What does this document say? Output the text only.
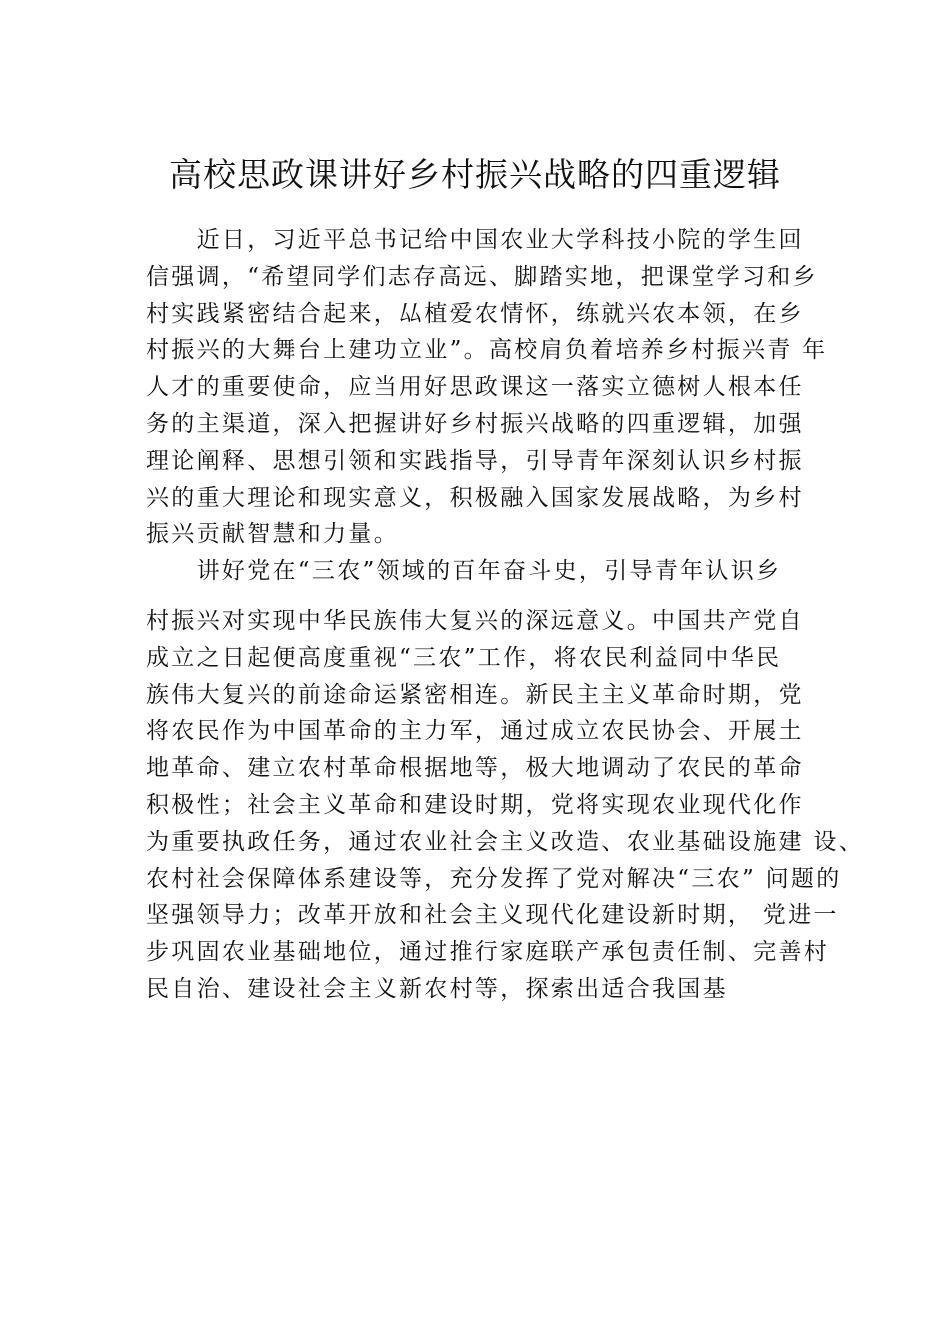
高校思政课讲好乡村振兴战略的四重逻辑
　　近日，习近平总书记给中国农业大学科技小院的学生回
信强调，“希望同学们志存高远、脚踏实地，把课堂学习和乡
村实践紧密结合起来，厸植爱农情怀，练就兴农本领，在乡
村振兴的大舞台上建功立业”。高校肩负着培养乡村振兴青 年
人才的重要使命，应当用好思政课这一落实立德树人根本任
务的主渠道，深入把握讲好乡村振兴战略的四重逻辑，加强
理论阐释、思想引领和实践指导，引导青年深刻认识乡村振
兴的重大理论和现实意义，积极融入国家发展战略，为乡村
振兴贡献智慧和力量。
　　讲好党在“三农”领域的百年奋斗史，引导青年认识乡
村振兴对实现中华民族伟大复兴的深远意义。中国共产党自
成立之日起便高度重视“三农”工作，将农民利益同中华民
族伟大复兴的前途命运紧密相连。新民主主义革命时期，党
将农民作为中国革命的主力军，通过成立农民协会、开展土
地革命、建立农村革命根据地等，极大地调动了农民的革命
积极性；社会主义革命和建设时期，党将实现农业现代化作
为重要执政任务，通过农业社会主义改造、农业基础设施建 设、
农村社会保障体系建设等，充分发挥了党对解决“三农” 问题的
坚强领导力；改革开放和社会主义现代化建设新时期， 党进一
步巩固农业基础地位，通过推行家庭联产承包责任制、完善村
民自治、建设社会主义新农村等，探索出适合我国基
